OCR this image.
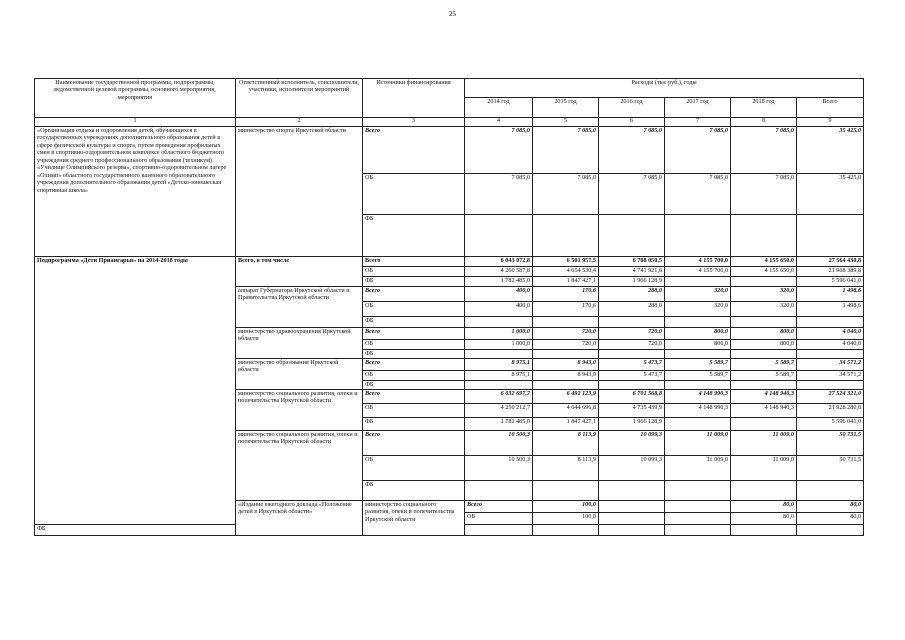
25
Наименование государственной программы, подпрограммы, ведомственной целевой программы, основного мероприятия, мероприятия	Ответственный исполнитель, соисполнители, участники, исполнители мероприятий	Источники финансирования	Расходы (тыс руб.), годы						
			2014 год	2015 год	2016 год	2017 год	2018 год	Всего	
1	2	3	4	5	6	7	8	9	
«Организация отдыха и оздоровления детей, обучающихся в государственных учреждениях дополнительного образования детей в сфере физической культуры и спорта, путем проведения профильных смен в спортивно-оздоровительном комплексе областного бюджетного учреждения среднего профессионального образования (техникум) «Училище Олимпийского резерва», спортивно-оздоровительном лагере «Олимп» областного государственного казенного образовательного учреждения дополнительного образования детей «Детско-юношеская спортивная школа»	министерство спорта Иркутской области	Всего	7 085,0	7 085,0	7 085,0	7 085,0	7 085,0	35 425,0	
		ОБ	7 085,0	7 085,0	7 085,0	7 085,0	7 085,0	35 425,0	
		ФБ							
Подпрограмма «Дети Приангарья» на 2014-2018 годы	Всего, в том числе	Всего	6 043 072,8	6 501 957,5	6 708 050,5	4 155 700,0	4 155 650,0	27 564 430,8	
		ОБ	4 260 587,8	4 654 530,4	4 741 921,6	4 155 700,0	4 155 650,0	21 968 389,8	
		ФБ	1 782 485,0	1 847 427,1	1 966 128,9			5 596 041,0	
	аппарат Губернатора Иркутской области и Правительства Иркутской области	Всего	400,0	170,6	288,0	320,0	320,0	1 498,6	
		ОБ	400,0	170,6	288,0	320,0	320,0	1 498,6	
		ФБ							
	министерство здравоохранения Иркутской области	Всего	1 000,0	720,0	720,0	800,0	800,0	4 040,0	
		ОБ	1 000,0	720,0	720,0	800,0	800,0	4 040,0	
		ФБ							
	министерство образования Иркутской области	Всего	8 975,1	8 943,0	5 473,7	5 589,7	5 589,7	34 571,2	
		ОБ	8 975,1	8 943,0	5 473,7	5 589,7	5 589,7	34 571,2	
		ФБ							
	министерство социального развития, опеки и попечительства Иркутской области	Всего	6 032 697,7	6 492 123,9	6 701 568,8	4 148 990,3	4 148 940,3	27 524 321,0	
		ОБ	4 250 212,7	4 644 696,8	4 735 439,9	4 148 990,3	4 148 940,3	21 928 280,0	
		ФБ	1 782 485,0	1 847 427,1	1 966 128,9			5 596 041,0	
	министерство социального развития, опеки и попечительства Иркутской области	Всего	10 500,3	8 113,9	10 099,3	11 009,0	11 009,0	50 731,5	
		ОБ	10 500,3	8 113,9	10 099,3	11 009,0	11 009,0	50 731,5	
		ФБ							
	«Издание ежегодного доклада «Положение детей в Иркутской области»	министерство социального развития, опеки и попечительства Иркутской области	Всего	100,0			80,0	80,0	
			ОБ	100,0			80,0	80,0	
ФБ									
